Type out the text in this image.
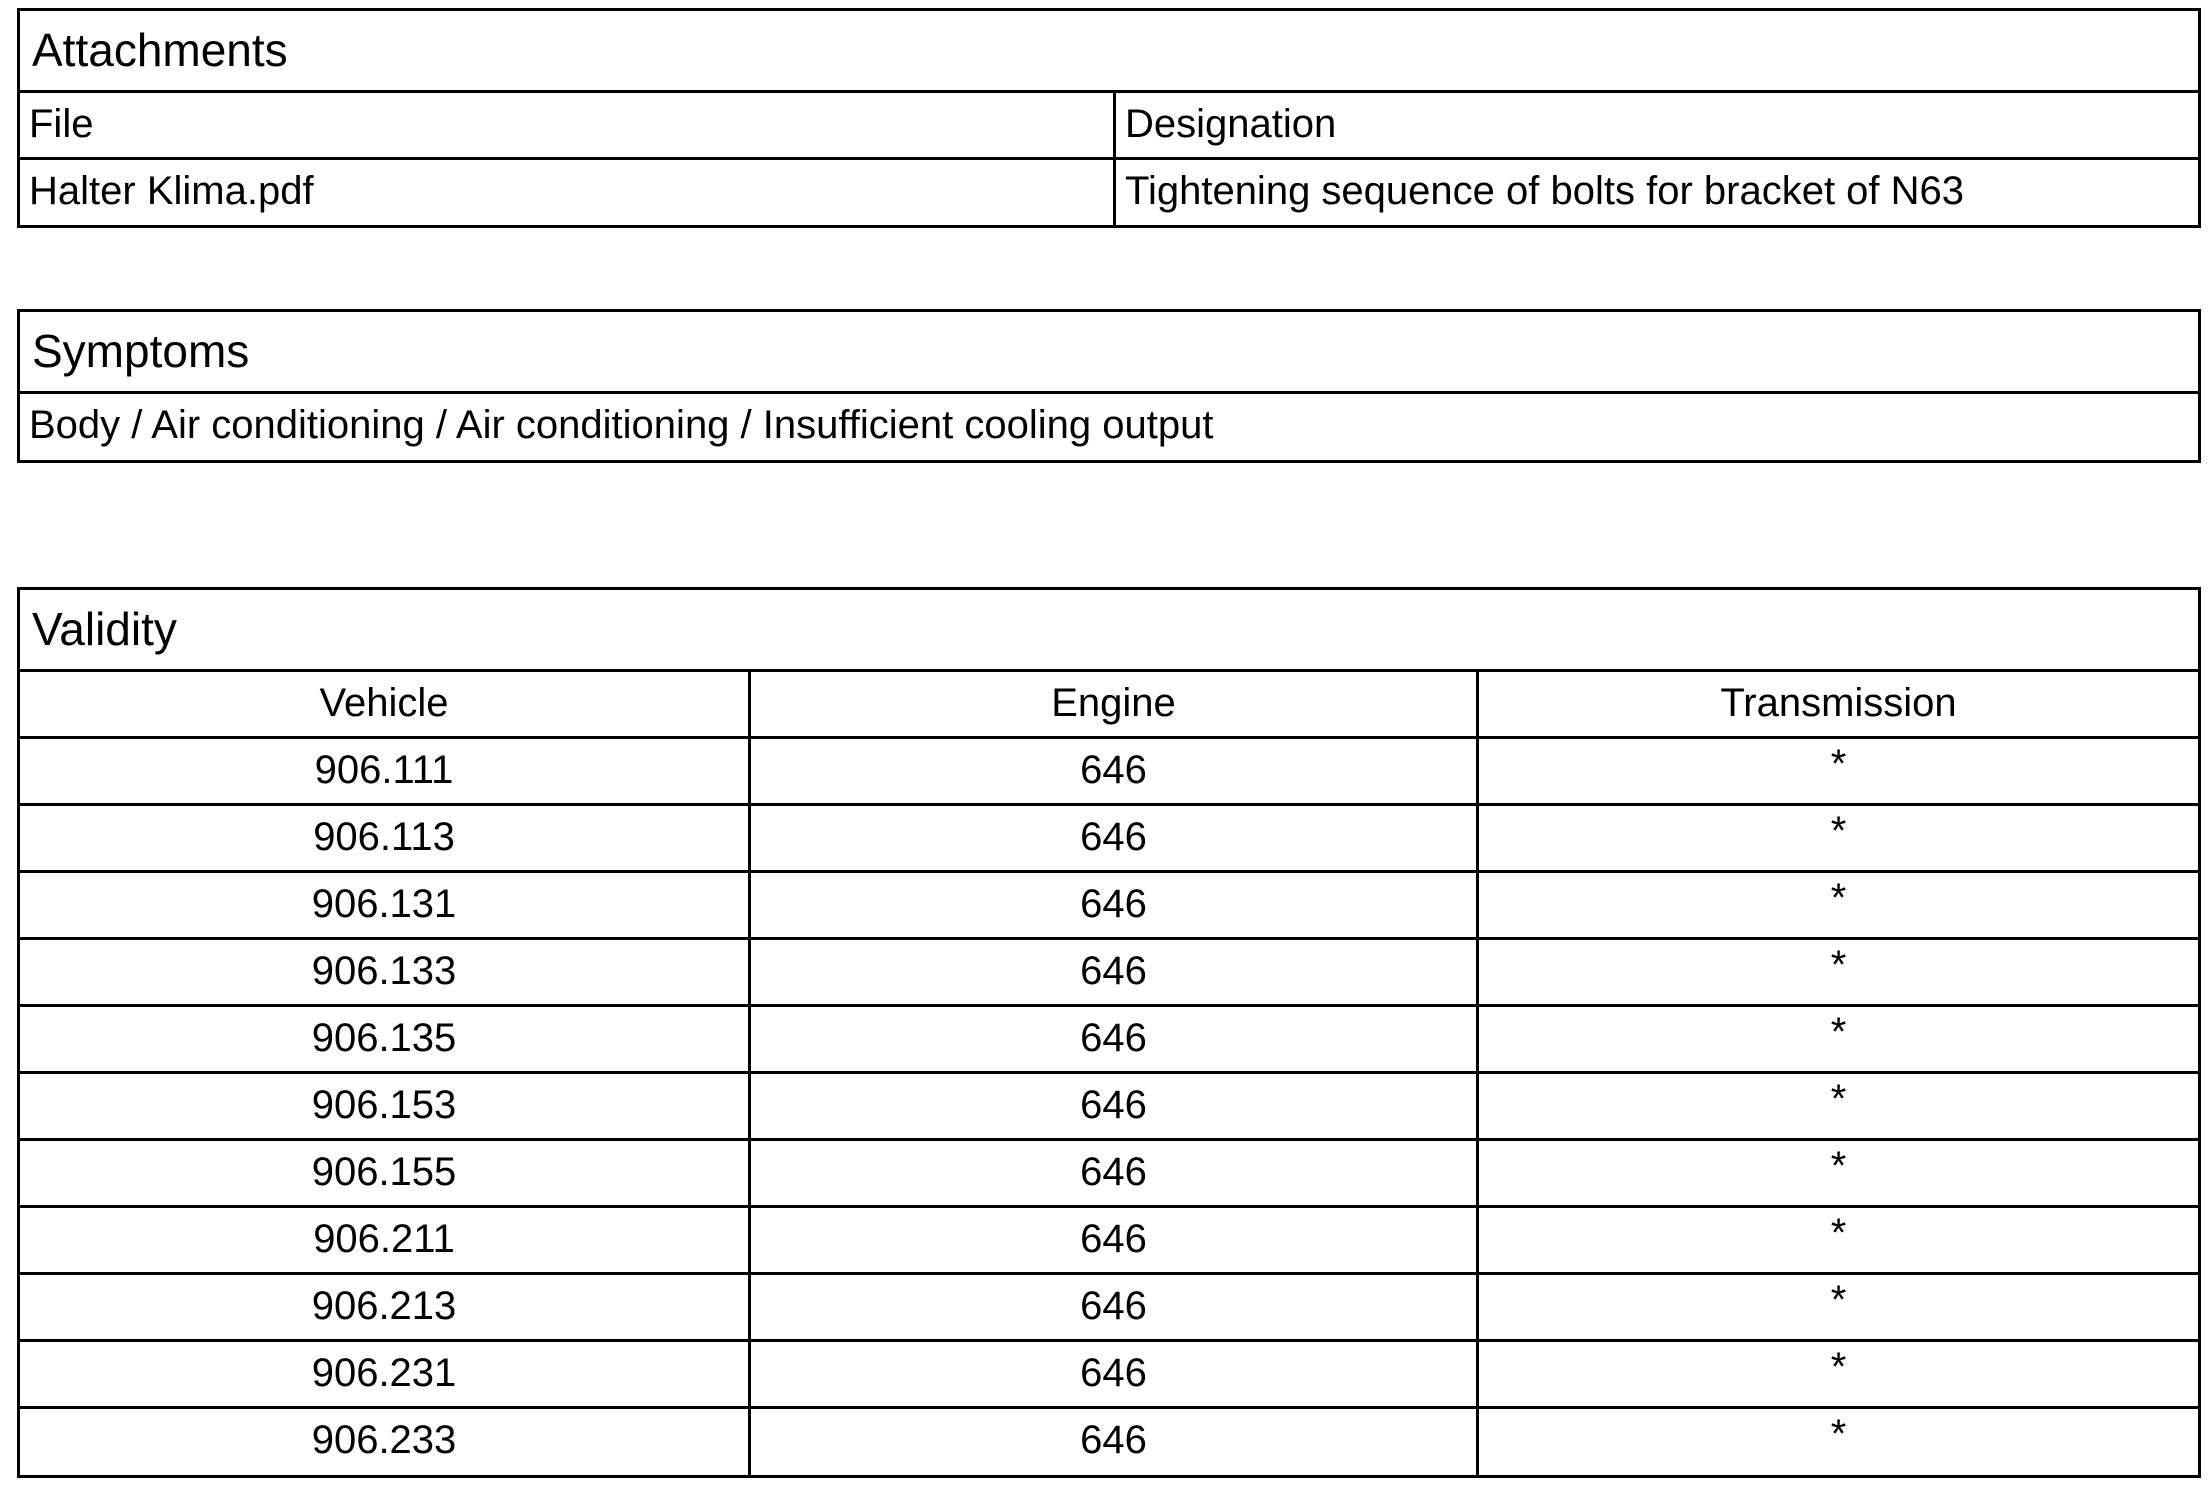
Attachments
File	Designation
Halter Klima.pdf	Tightening sequence of bolts for bracket of N63
Symptoms
Body / Air conditioning / Air conditioning / Insufficient cooling output
Validity
Vehicle	Engine	Transmission
906.111	646	*
906.113	646	*
906.131	646	*
906.133	646	*
906.135	646	*
906.153	646	*
906.155	646	*
906.211	646	*
906.213	646	*
906.231	646	*
906.233	646	*
